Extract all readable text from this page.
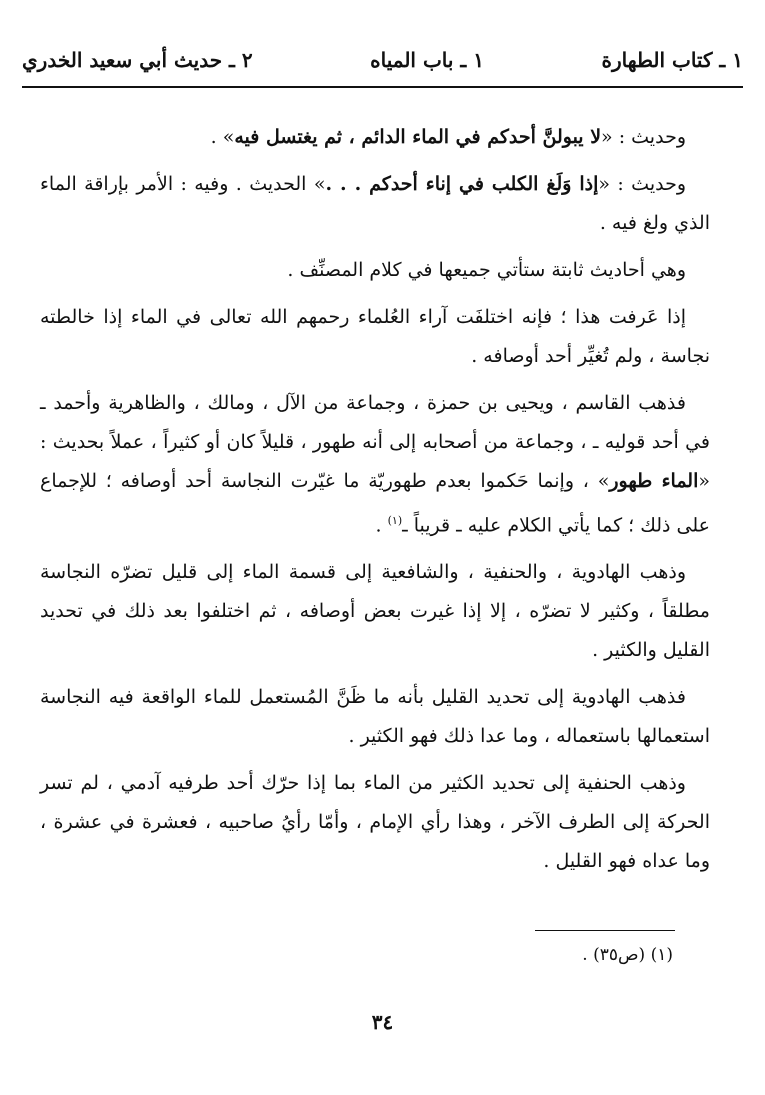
١ ـ كتاب الطهارة
١ ـ باب المياه
٢ ـ حديث أبي سعيد الخدري

وحديث : «لا يبولنَّ أحدكم في الماء الدائم ، ثم يغتسل فيه» .

وحديث : «إذا وَلَغ الكلب في إناء أحدكم . . .» الحديث . وفيه : الأمر بإراقة الماء الذي ولغ فيه .

وهي أحاديث ثابتة ستأتي جميعها في كلام المصنِّف .

إذا عَرفت هذا ؛ فإنه اختلفَت آراء العُلماء رحمهم الله تعالى في الماء إذا خالطته نجاسة ، ولم تُغيِّر أحد أوصافه .

فذهب القاسم ، ويحيى بن حمزة ، وجماعة من الآل ، ومالك ، والظاهرية وأحمد ـ في أحد قوليه ـ ، وجماعة من أصحابه إلى أنه طهور ، قليلاً كان أو كثيراً ، عملاً بحديث : «الماء طهور» ، وإنما حَكموا بعدم طهوريّة ما غيّرت النجاسة أحد أوصافه ؛ للإجماع على ذلك ؛ كما يأتي الكلام عليه ـ قريباً ـ$^{(١)}$ .

وذهب الهادوية ، والحنفية ، والشافعية إلى قسمة الماء إلى قليل تضرّه النجاسة مطلقاً ، وكثير لا تضرّه ، إلا إذا غيرت بعض أوصافه ، ثم اختلفوا بعد ذلك في تحديد القليل والكثير .

فذهب الهادوية إلى تحديد القليل بأنه ما ظَنَّ المُستعمل للماء الواقعة فيه النجاسة استعمالها باستعماله ، وما عدا ذلك فهو الكثير .

وذهب الحنفية إلى تحديد الكثير من الماء بما إذا حرّك أحد طرفيه آدمي ، لم تسر الحركة إلى الطرف الآخر ، وهذا رأي الإمام ، وأمّا رأيُ صاحبيه ، فعشرة في عشرة ، وما عداه فهو القليل .

(١) (ص٣٥) .
٣٤
